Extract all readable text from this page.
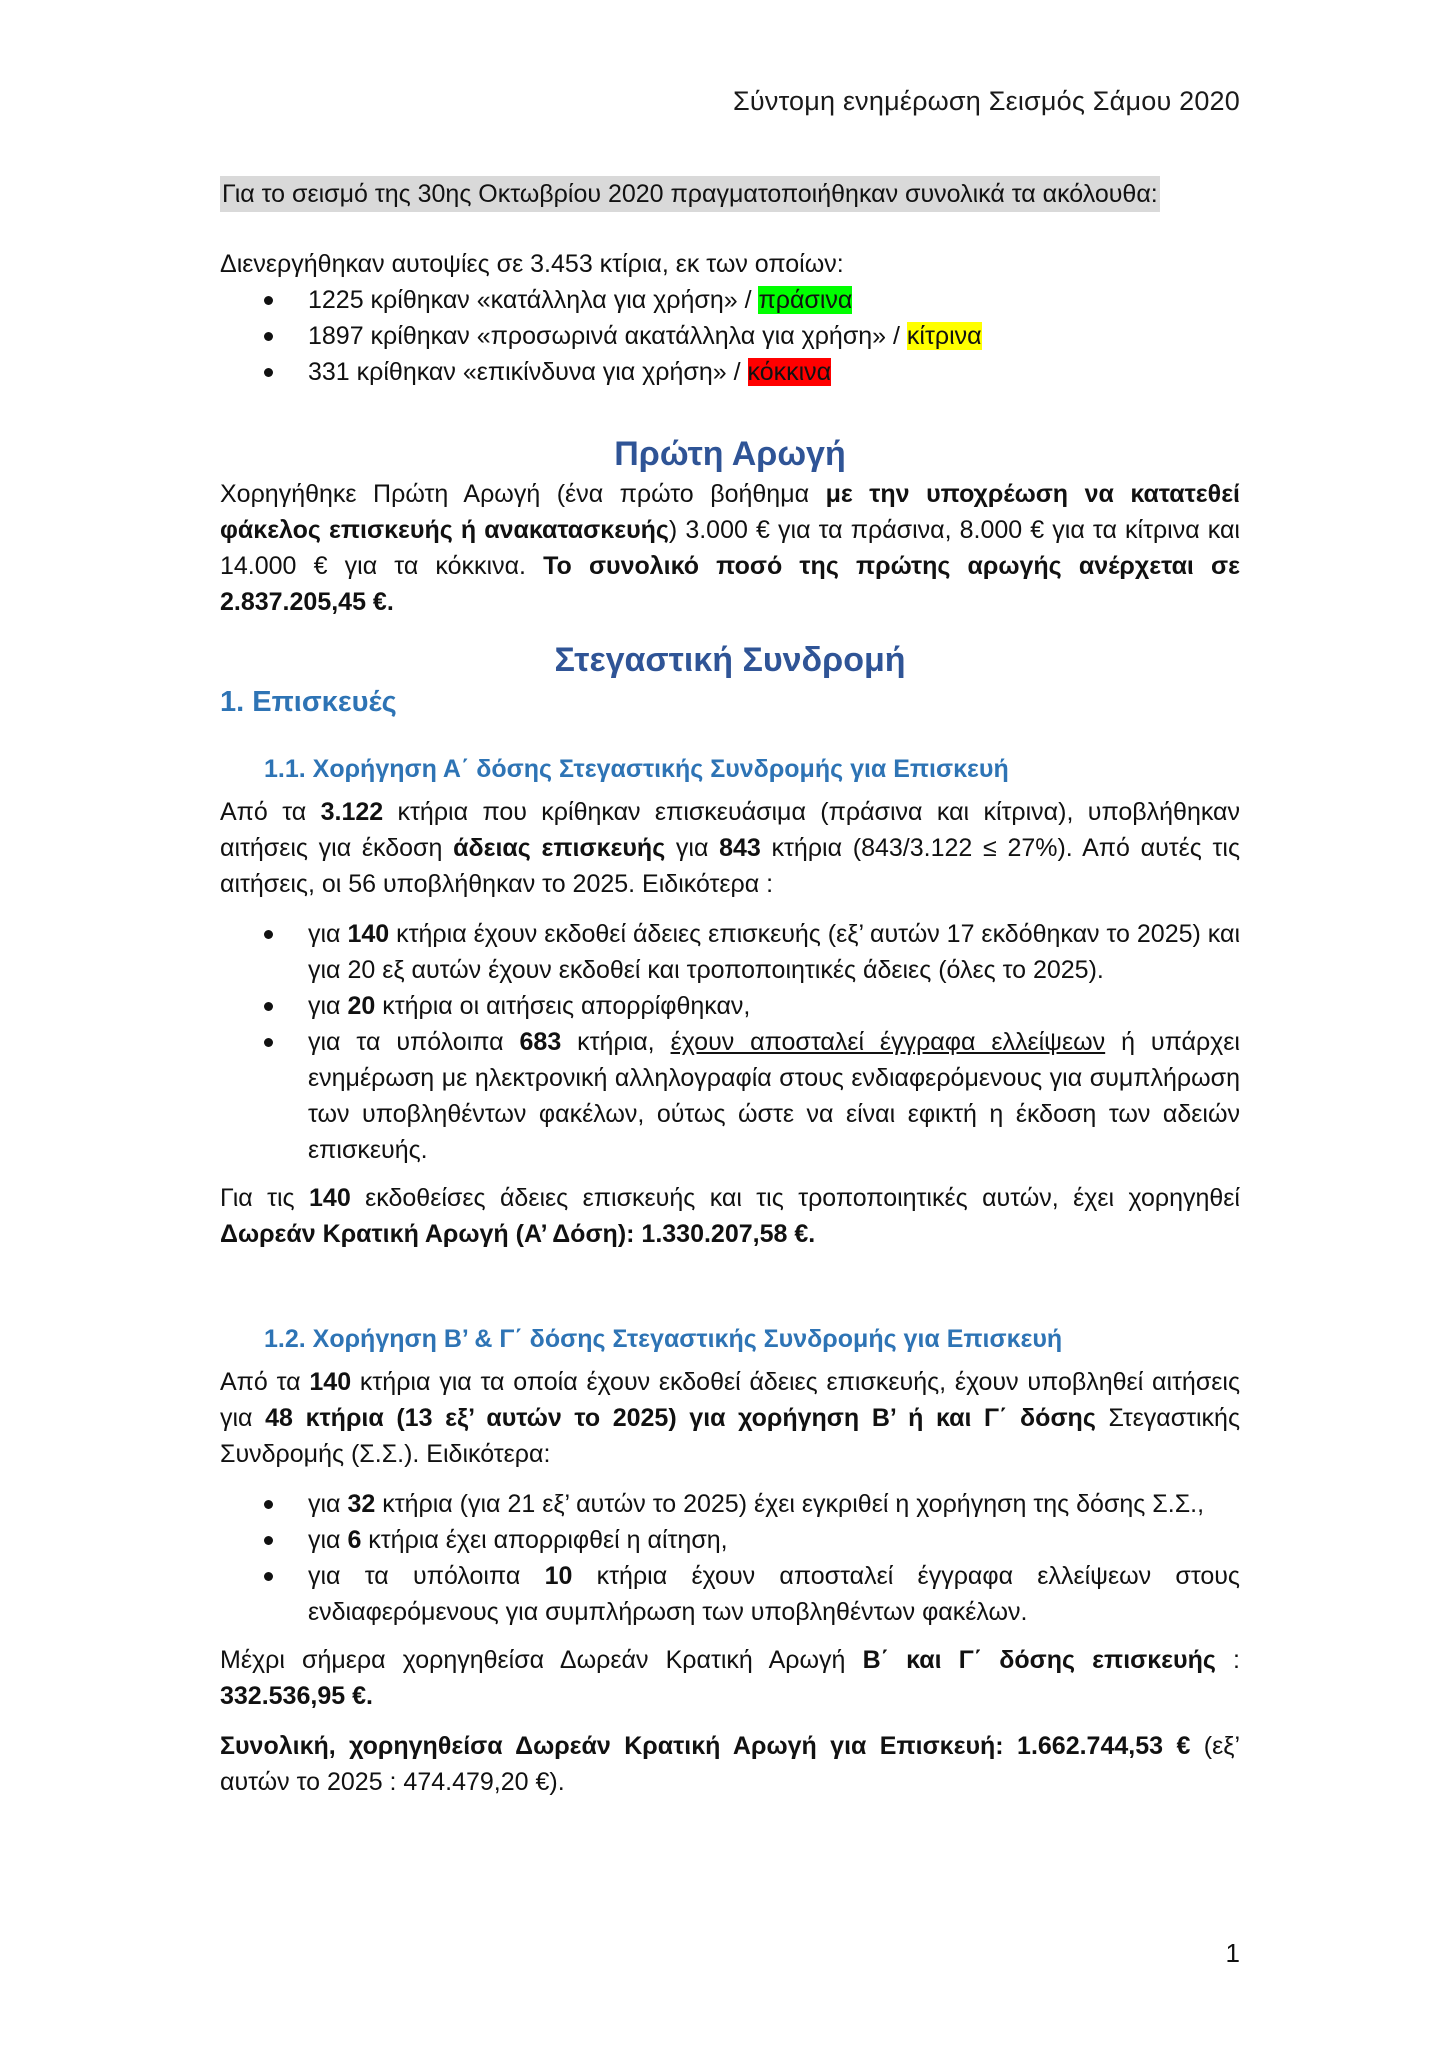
Σύντομη ενημέρωση Σεισμός Σάμου 2020
Για το σεισμό της 30ης Οκτωβρίου 2020 πραγματοποιήθηκαν συνολικά τα ακόλουθα:

Διενεργήθηκαν αυτοψίες σε 3.453 κτίρια, εκ των οποίων:

1225 κρίθηκαν «κατάλληλα για χρήση» / πράσινα
1897 κρίθηκαν «προσωρινά ακατάλληλα για χρήση» / κίτρινα
331 κρίθηκαν «επικίνδυνα για χρήση» / κόκκινα
Πρώτη Αρωγή

Χορηγήθηκε Πρώτη Αρωγή (ένα πρώτο βοήθημα με την υποχρέωση να κατατεθεί φάκελος επισκευής ή ανακατασκευής) 3.000 € για τα πράσινα, 8.000 € για τα κίτρινα και 14.000 € για τα κόκκινα. Το συνολικό ποσό της πρώτης αρωγής ανέρχεται σε 2.837.205,45 €.

Στεγαστική Συνδρομή
1. Επισκευές
1.1. Χορήγηση Α΄ δόσης Στεγαστικής Συνδρομής για Επισκευή

Από τα 3.122 κτήρια που κρίθηκαν επισκευάσιμα (πράσινα και κίτρινα), υποβλήθηκαν αιτήσεις για έκδοση άδειας επισκευής για 843 κτήρια (843/3.122 ≤ 27%). Από αυτές τις αιτήσεις, οι 56 υποβλήθηκαν το 2025. Ειδικότερα :

για 140 κτήρια έχουν εκδοθεί άδειες επισκευής (εξ’ αυτών 17 εκδόθηκαν το 2025) και για 20 εξ αυτών έχουν εκδοθεί και τροποποιητικές άδειες (όλες το 2025).
για 20 κτήρια οι αιτήσεις απορρίφθηκαν,
για τα υπόλοιπα 683 κτήρια, έχουν αποσταλεί έγγραφα ελλείψεων ή υπάρχει ενημέρωση με ηλεκτρονική αλληλογραφία στους ενδιαφερόμενους για συμπλήρωση των υποβληθέντων φακέλων, ούτως ώστε να είναι εφικτή η έκδοση των αδειών επισκευής.

Για τις 140 εκδοθείσες άδειες επισκευής και τις τροποποιητικές αυτών, έχει χορηγηθεί Δωρεάν Κρατική Αρωγή (Α’ Δόση): 1.330.207,58 €.

1.2. Χορήγηση Β’ & Γ΄ δόσης Στεγαστικής Συνδρομής για Επισκευή

Από τα 140 κτήρια για τα οποία έχουν εκδοθεί άδειες επισκευής, έχουν υποβληθεί αιτήσεις για 48 κτήρια (13 εξ’ αυτών το 2025) για χορήγηση Β’ ή και Γ΄ δόσης Στεγαστικής Συνδρομής (Σ.Σ.). Ειδικότερα:

για 32 κτήρια (για 21 εξ’ αυτών το 2025) έχει εγκριθεί η χορήγηση της δόσης Σ.Σ.,
για 6 κτήρια έχει απορριφθεί η αίτηση,
για τα υπόλοιπα 10 κτήρια έχουν αποσταλεί έγγραφα ελλείψεων στους ενδιαφερόμενους για συμπλήρωση των υποβληθέντων φακέλων.

Μέχρι σήμερα χορηγηθείσα Δωρεάν Κρατική Αρωγή Β΄ και Γ΄ δόσης επισκευής : 332.536,95 €.

Συνολική, χορηγηθείσα Δωρεάν Κρατική Αρωγή για Επισκευή: 1.662.744,53 € (εξ’ αυτών το 2025 : 474.479,20 €).

1
